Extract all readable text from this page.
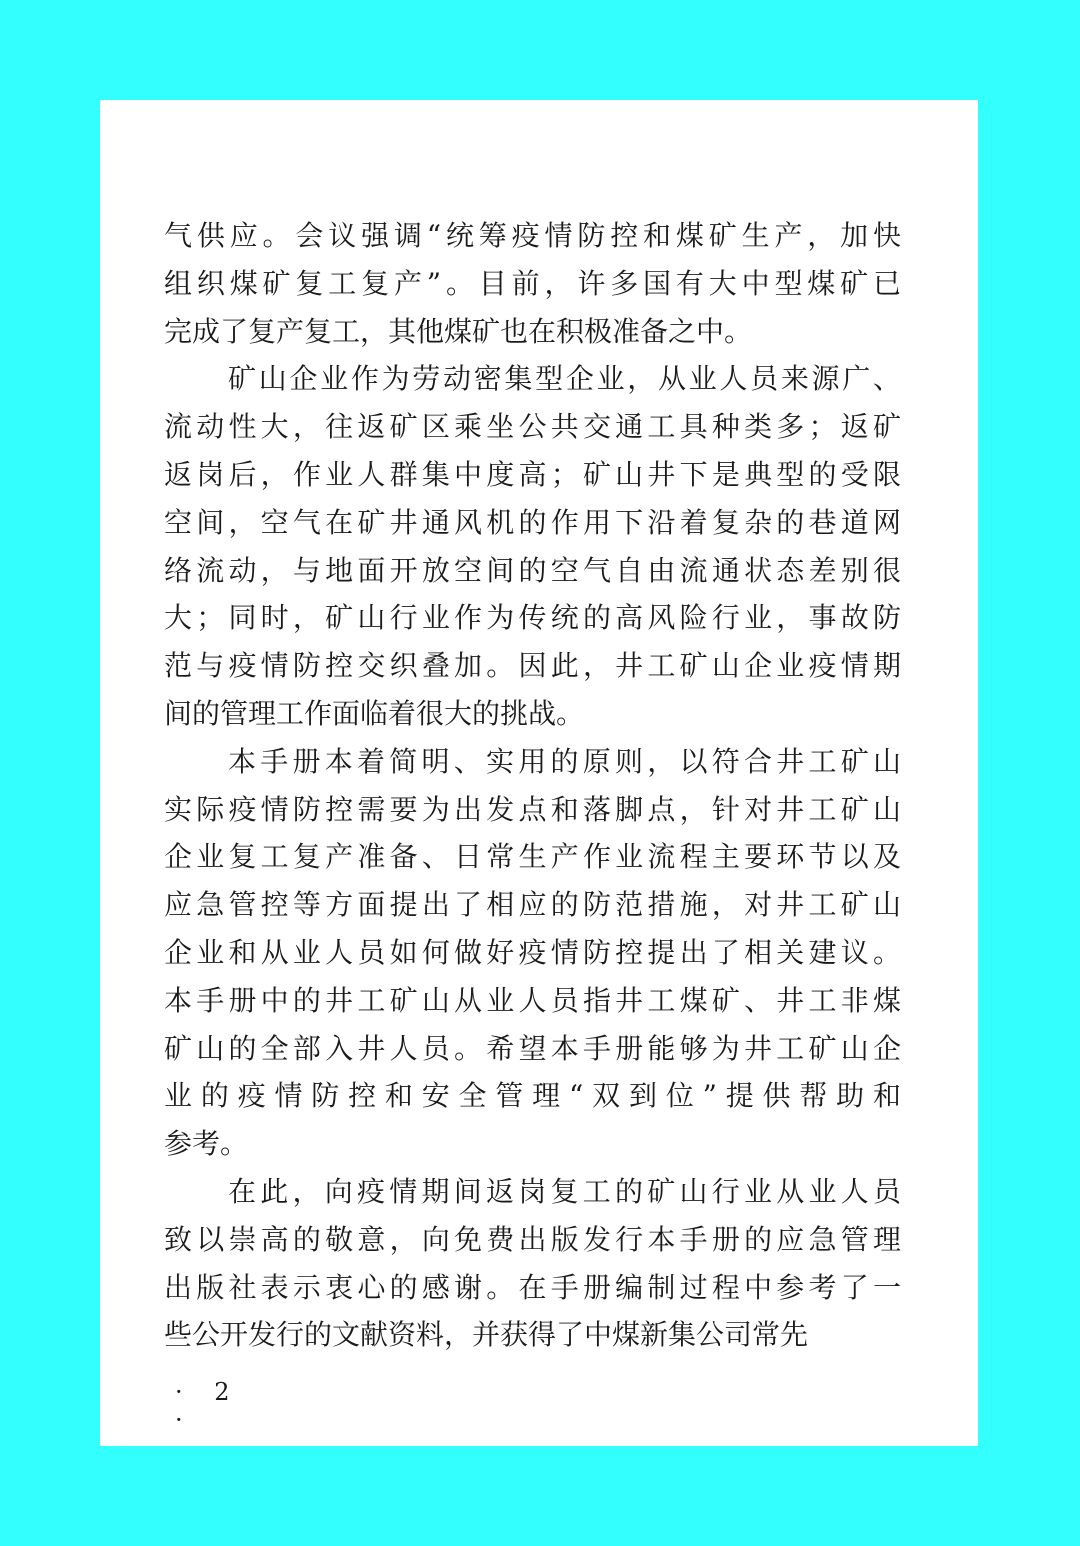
气供应。会议强调“统筹疫情防控和煤矿生产，加快
组织煤矿复工复产”。目前，许多国有大中型煤矿已
完成了复产复工，其他煤矿也在积极准备之中。
矿山企业作为劳动密集型企业，从业人员来源广、
流动性大，往返矿区乘坐公共交通工具种类多；返矿
返岗后，作业人群集中度高；矿山井下是典型的受限
空间，空气在矿井通风机的作用下沿着复杂的巷道网
络流动，与地面开放空间的空气自由流通状态差别很
大；同时，矿山行业作为传统的高风险行业，事故防
范与疫情防控交织叠加。因此，井工矿山企业疫情期
间的管理工作面临着很大的挑战。
本手册本着简明、实用的原则，以符合井工矿山
实际疫情防控需要为出发点和落脚点，针对井工矿山
企业复工复产准备、日常生产作业流程主要环节以及
应急管控等方面提出了相应的防范措施，对井工矿山
企业和从业人员如何做好疫情防控提出了相关建议。
本手册中的井工矿山从业人员指井工煤矿、井工非煤
矿山的全部入井人员。希望本手册能够为井工矿山企
业的疫情防控和安全管理“双到位”提供帮助和
参考。
在此，向疫情期间返岗复工的矿山行业从业人员
致以崇高的敬意，向免费出版发行本手册的应急管理
出版社表示衷心的感谢。在手册编制过程中参考了一
些公开发行的文献资料，并获得了中煤新集公司常先
· 2 ·
